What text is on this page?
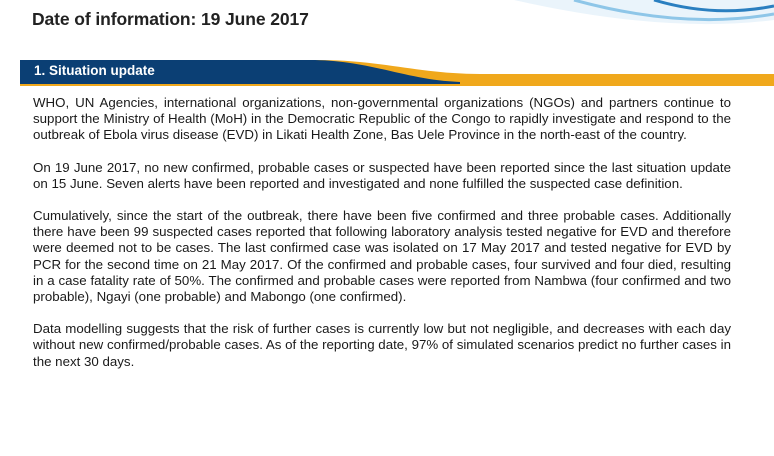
Date of information: 19 June 2017
1. Situation update

WHO, UN Agencies, international organizations, non-governmental organizations (NGOs) and partners continue to support the Ministry of Health (MoH) in the Democratic Republic of the Congo to rapidly investigate and respond to the outbreak of Ebola virus disease (EVD) in Likati Health Zone, Bas Uele Province in the north-east of the country.

On 19 June 2017, no new confirmed, probable cases or suspected have been reported since the last situation update on 15 June. Seven alerts have been reported and investigated and none fulfilled the suspected case definition.

Cumulatively, since the start of the outbreak, there have been five confirmed and three probable cases. Additionally there have been 99 suspected cases reported that following laboratory analysis tested negative for EVD and therefore were deemed not to be cases. The last confirmed case was isolated on 17 May 2017 and tested negative for EVD by PCR for the second time on 21 May 2017. Of the confirmed and probable cases, four survived and four died, resulting in a case fatality rate of 50%. The confirmed and probable cases were reported from Nambwa (four confirmed and two probable), Ngayi (one probable) and Mabongo (one confirmed).

Data modelling suggests that the risk of further cases is currently low but not negligible, and decreases with each day without new confirmed/probable cases. As of the reporting date, 97% of simulated scenarios predict no further cases in the next 30 days.
